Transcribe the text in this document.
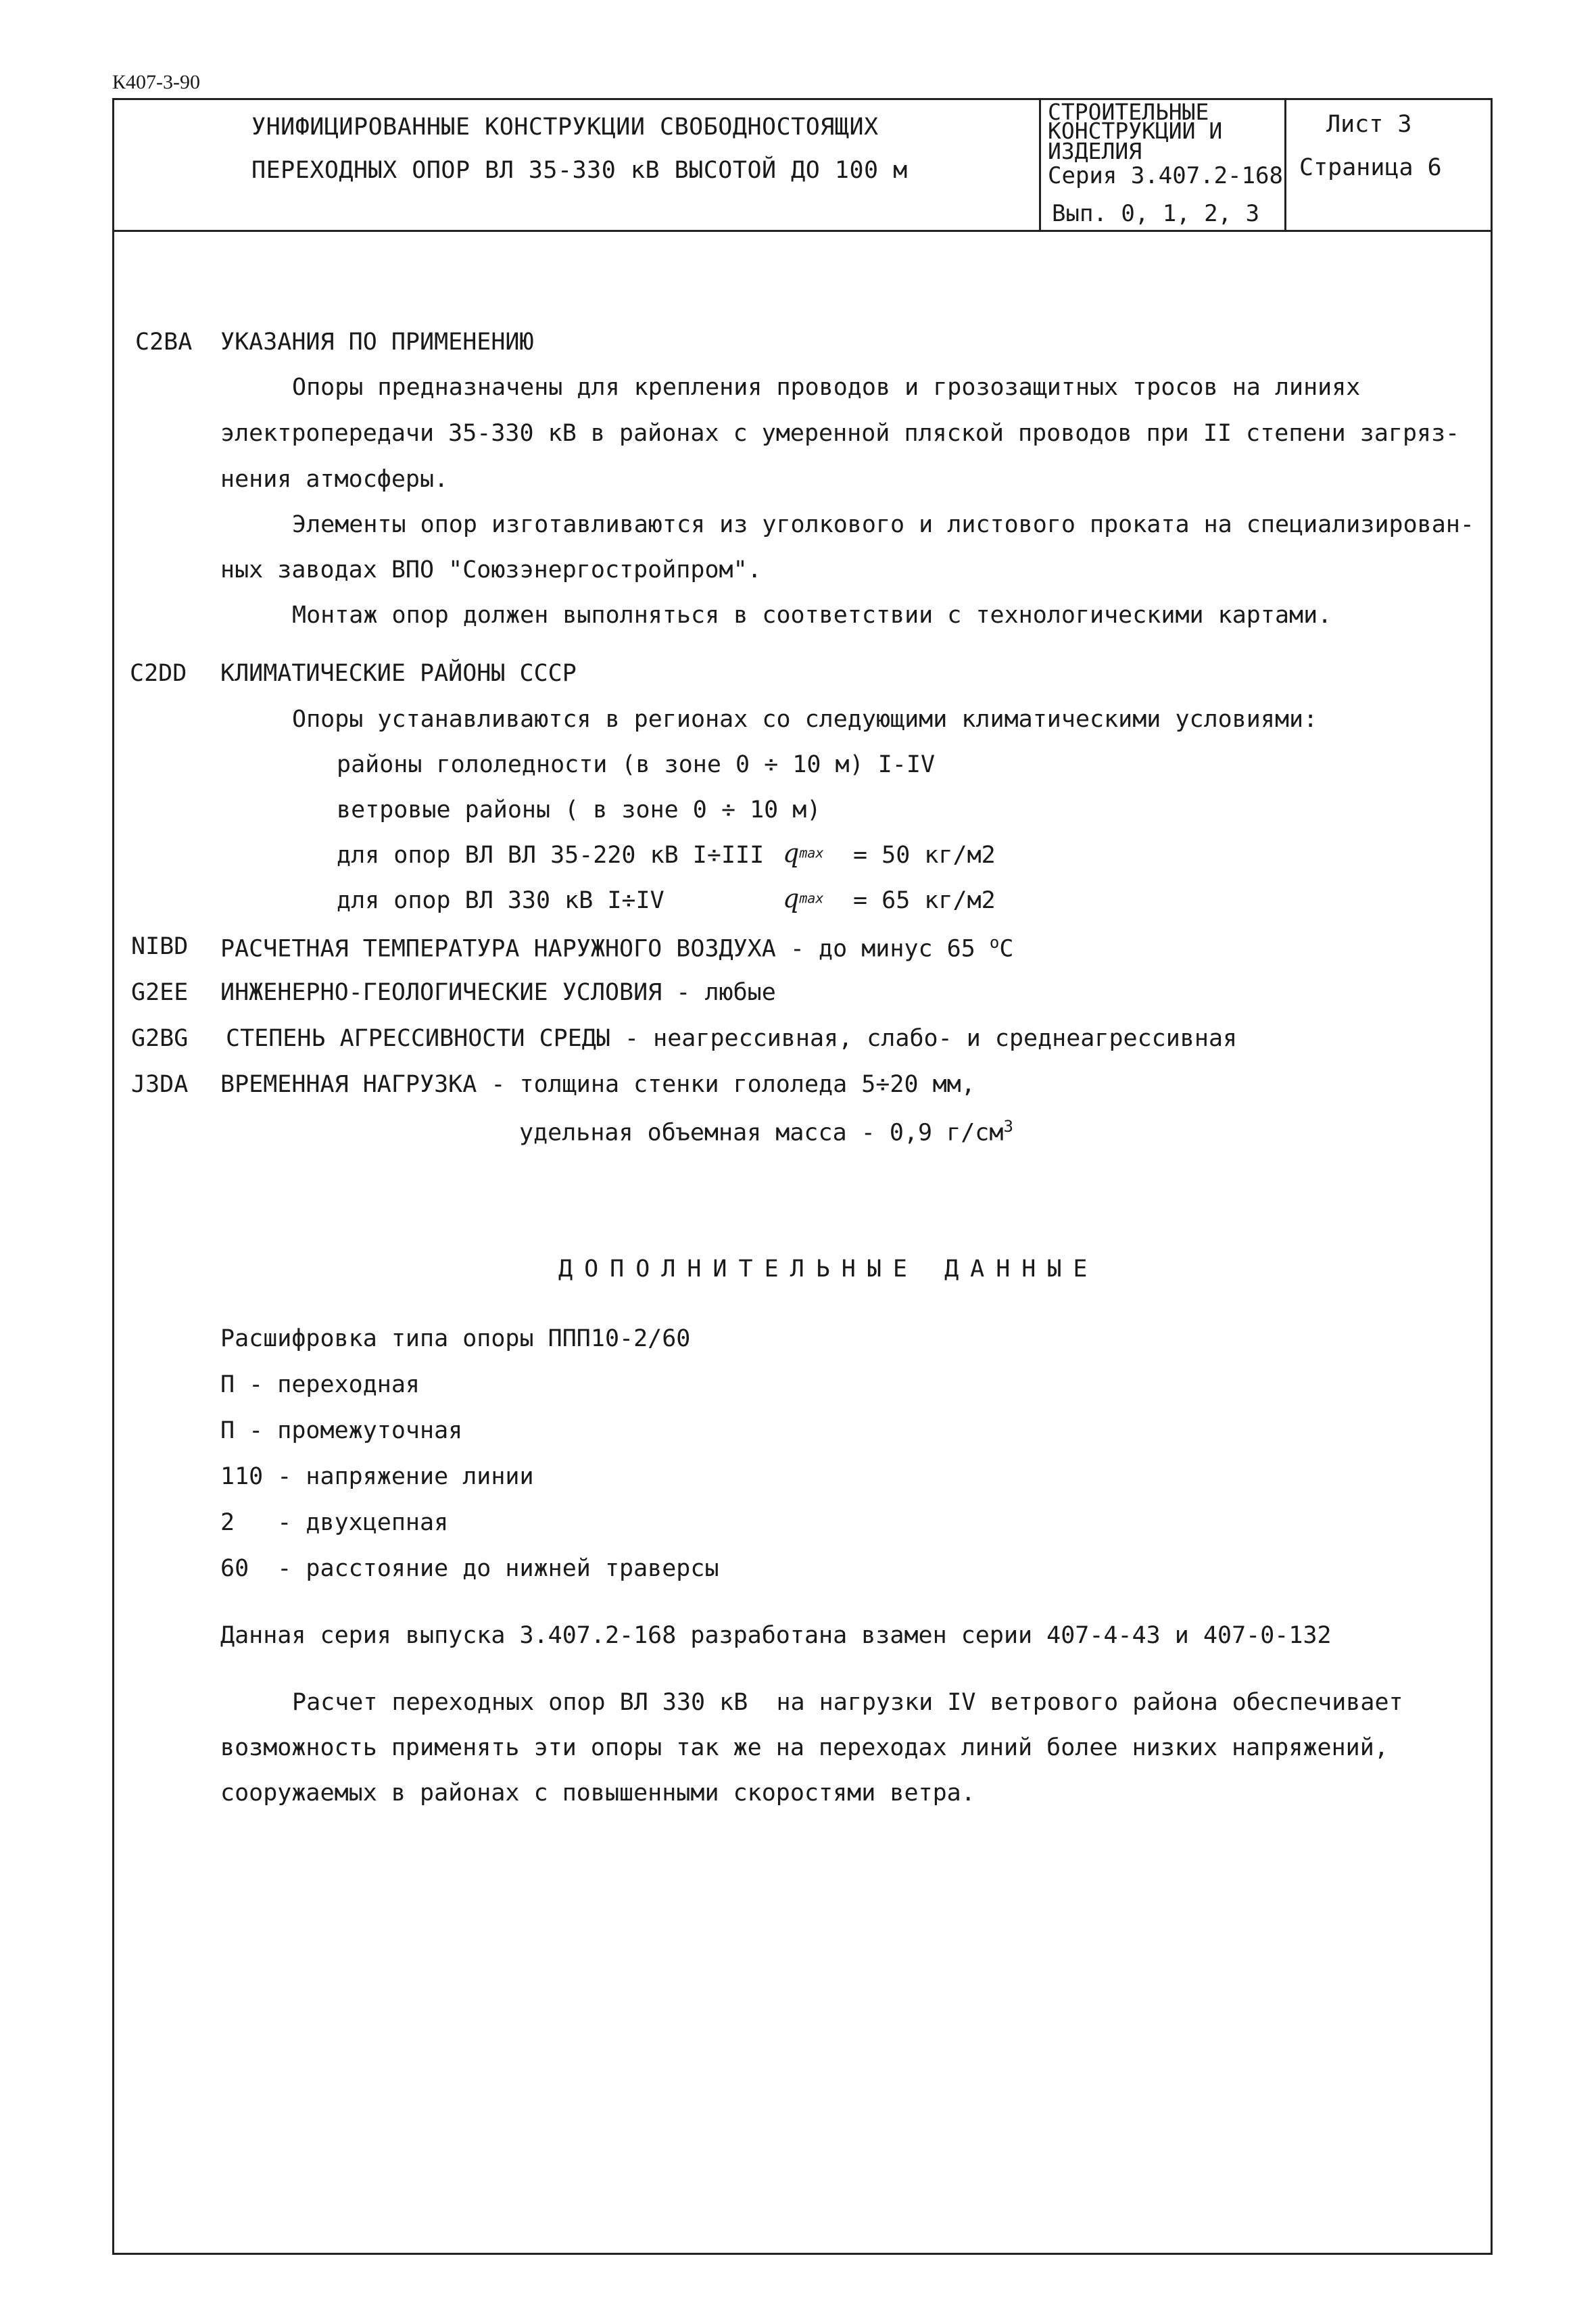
К407-3-90
УНИФИЦИРОВАННЫЕ КОНСТРУКЦИИ СВОБОДНОСТОЯЩИХ
ПЕРЕХОДНЫХ ОПОР ВЛ 35-330 кВ ВЫСОТОЙ ДО 100 м
СТРОИТЕЛЬНЫЕ
КОНСТРУКЦИИ И
ИЗДЕЛИЯ
Серия 3.407.2-168
Вып. 0, 1, 2, 3
Лист 3
Страница 6
C2BA УКАЗАНИЯ ПО ПРИМЕНЕНИЮ
Опоры предназначены для крепления проводов и грозозащитных тросов на линиях
электропередачи 35-330 кВ в районах с умеренной пляской проводов при II степени загряз-
нения атмосферы.
Элементы опор изготавливаются из уголкового и листового проката на специализирован-
ных заводах ВПО "Союзэнергостройпром".
Монтаж опор должен выполняться в соответствии с технологическими картами.
C2DD КЛИМАТИЧЕСКИЕ РАЙОНЫ СССР
Опоры устанавливаются в регионах со следующими климатическими условиями:
районы гололедности (в зоне 0 ÷ 10 м) I-IV
ветровые районы ( в зоне 0 ÷ 10 м)
для опор ВЛ ВЛ 35-220 кВ I÷III qmax = 50 кг/м2
для опор ВЛ 330 кВ I÷IV	qmax = 65 кг/м2
NIBD РАСЧЕТНАЯ ТЕМПЕРАТУРА НАРУЖНОГО ВОЗДУХА - до минус 65 $^о$C
G2EE ИНЖЕНЕРНО-ГЕОЛОГИЧЕСКИЕ УСЛОВИЯ - любые
G2BG СТЕПЕНЬ АГРЕССИВНОСТИ СРЕДЫ - неагрессивная, слабо- и среднеагрессивная
J3DA ВРЕМЕННАЯ НАГРУЗКА - толщина стенки гололеда 5÷20 мм,
удельная объемная масса - 0,9 $г/см^3$
ДОПОЛНИТЕЛЬНЫЕ ДАННЫЕ
Расшифровка типа опоры ППП10-2/60
П - переходная
П - промежуточная
110 - напряжение линии
2   - двухцепная
60  - расстояние до нижней траверсы
Данная серия выпуска 3.407.2-168 разработана взамен серии 407-4-43 и 407-0-132
Расчет переходных опор ВЛ 330 кВ  на нагрузки IV ветрового района обеспечивает
возможность применять эти опоры так же на переходах линий более низких напряжений,
сооружаемых в районах с повышенными скоростями ветра.
